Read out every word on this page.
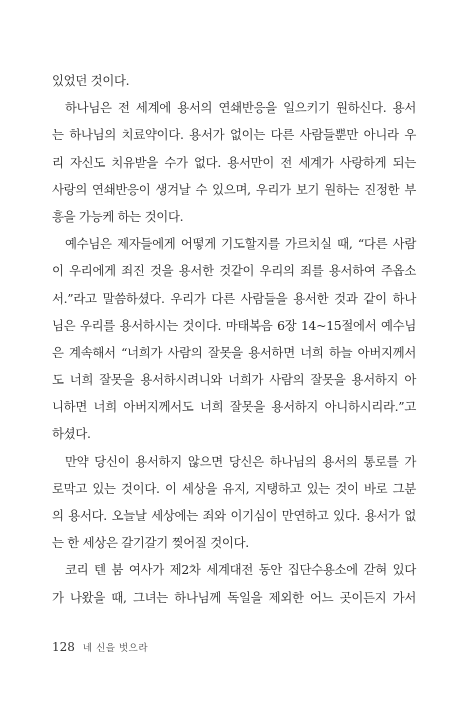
있었던 것이다.
하나님은 전 세계에 용서의 연쇄반응을 일으키기 원하신다. 용서
는 하나님의 치료약이다. 용서가 없이는 다른 사람들뿐만 아니라 우
리 자신도 치유받을 수가 없다. 용서만이 전 세계가 사랑하게 되는
사랑의 연쇄반응이 생겨날 수 있으며, 우리가 보기 원하는 진정한 부
흥을 가능케 하는 것이다.
예수님은 제자들에게 어떻게 기도할지를 가르치실 때, “다른 사람
이 우리에게 죄진 것을 용서한 것같이 우리의 죄를 용서하여 주옵소
서.”라고 말씀하셨다. 우리가 다른 사람들을 용서한 것과 같이 하나
님은 우리를 용서하시는 것이다. 마태복음 6장 14~15절에서 예수님
은 계속해서 “너희가 사람의 잘못을 용서하면 너희 하늘 아버지께서
도 너희 잘못을 용서하시려니와 너희가 사람의 잘못을 용서하지 아
니하면 너희 아버지께서도 너희 잘못을 용서하지 아니하시리라.”고
하셨다.
만약 당신이 용서하지 않으면 당신은 하나님의 용서의 통로를 가
로막고 있는 것이다. 이 세상을 유지, 지탱하고 있는 것이 바로 그분
의 용서다. 오늘날 세상에는 죄와 이기심이 만연하고 있다. 용서가 없
는 한 세상은 갈기갈기 찢어질 것이다.
코리 텐 붐 여사가 제2차 세계대전 동안 집단수용소에 갇혀 있다
가 나왔을 때, 그녀는 하나님께 독일을 제외한 어느 곳이든지 가서
128 네 신을 벗으라
